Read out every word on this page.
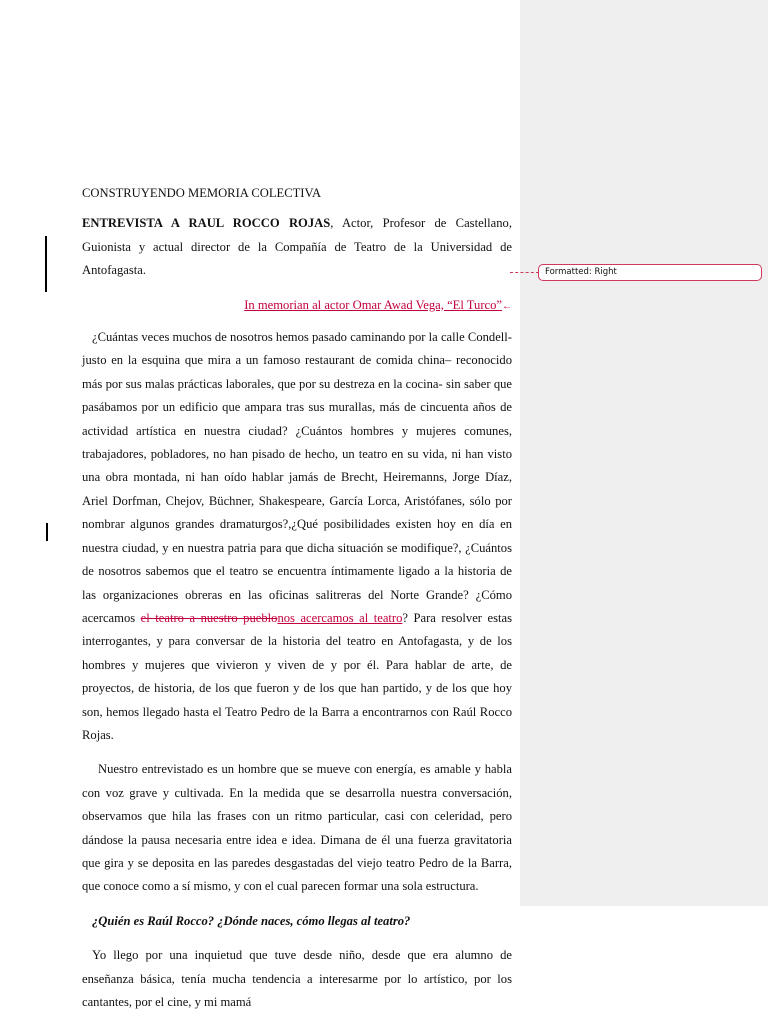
CONSTRUYENDO MEMORIA COLECTIVA
ENTREVISTA A RAUL ROCCO ROJAS, Actor, Profesor de Castellano, Guionista y actual director de la Compañía de Teatro de la Universidad de Antofagasta.
In memorian al actor Omar Awad Vega, “El Turco”←
¿Cuántas veces muchos de nosotros hemos pasado caminando por la calle Condell- justo en la esquina que mira a un famoso restaurant de comida china– reconocido más por sus malas prácticas laborales, que por su destreza en la cocina- sin saber que pasábamos por un edificio que ampara tras sus murallas, más de cincuenta años de actividad artística en nuestra ciudad? ¿Cuántos hombres y mujeres comunes, trabajadores, pobladores, no han pisado de hecho, un teatro en su vida, ni han visto una obra montada, ni han oído hablar jamás de Brecht, Heiremanns, Jorge Díaz, Ariel Dorfman, Chejov, Büchner, Shakespeare, García Lorca, Aristófanes, sólo por nombrar algunos grandes dramaturgos?,¿Qué posibilidades existen hoy en día en nuestra ciudad, y en nuestra patria para que dicha situación se modifique?, ¿Cuántos de nosotros sabemos que el teatro se encuentra íntimamente ligado a la historia de las organizaciones obreras en las oficinas salitreras del Norte Grande? ¿Cómo acercamos el teatro a nuestro pueblonos acercamos al teatro? Para resolver estas interrogantes, y para conversar de la historia del teatro en Antofagasta, y de los hombres y mujeres que vivieron y viven de y por él. Para hablar de arte, de proyectos, de historia, de los que fueron y de los que han partido, y de los que hoy son, hemos llegado hasta el Teatro Pedro de la Barra a encontrarnos con Raúl Rocco Rojas.
Nuestro entrevistado es un hombre que se mueve con energía, es amable y habla con voz grave y cultivada. En la medida que se desarrolla nuestra conversación, observamos que hila las frases con un ritmo particular, casi con celeridad, pero dándose la pausa necesaria entre idea e idea. Dimana de él una fuerza gravitatoria que gira y se deposita en las paredes desgastadas del viejo teatro Pedro de la Barra, que conoce como a sí mismo, y con el cual parecen formar una sola estructura.
¿Quién es Raúl Rocco? ¿Dónde naces, cómo llegas al teatro?
Yo llego por una inquietud que tuve desde niño, desde que era alumno de enseñanza básica, tenía mucha tendencia a interesarme por lo artístico, por los cantantes, por el cine, y mi mamá
Formatted: Right
